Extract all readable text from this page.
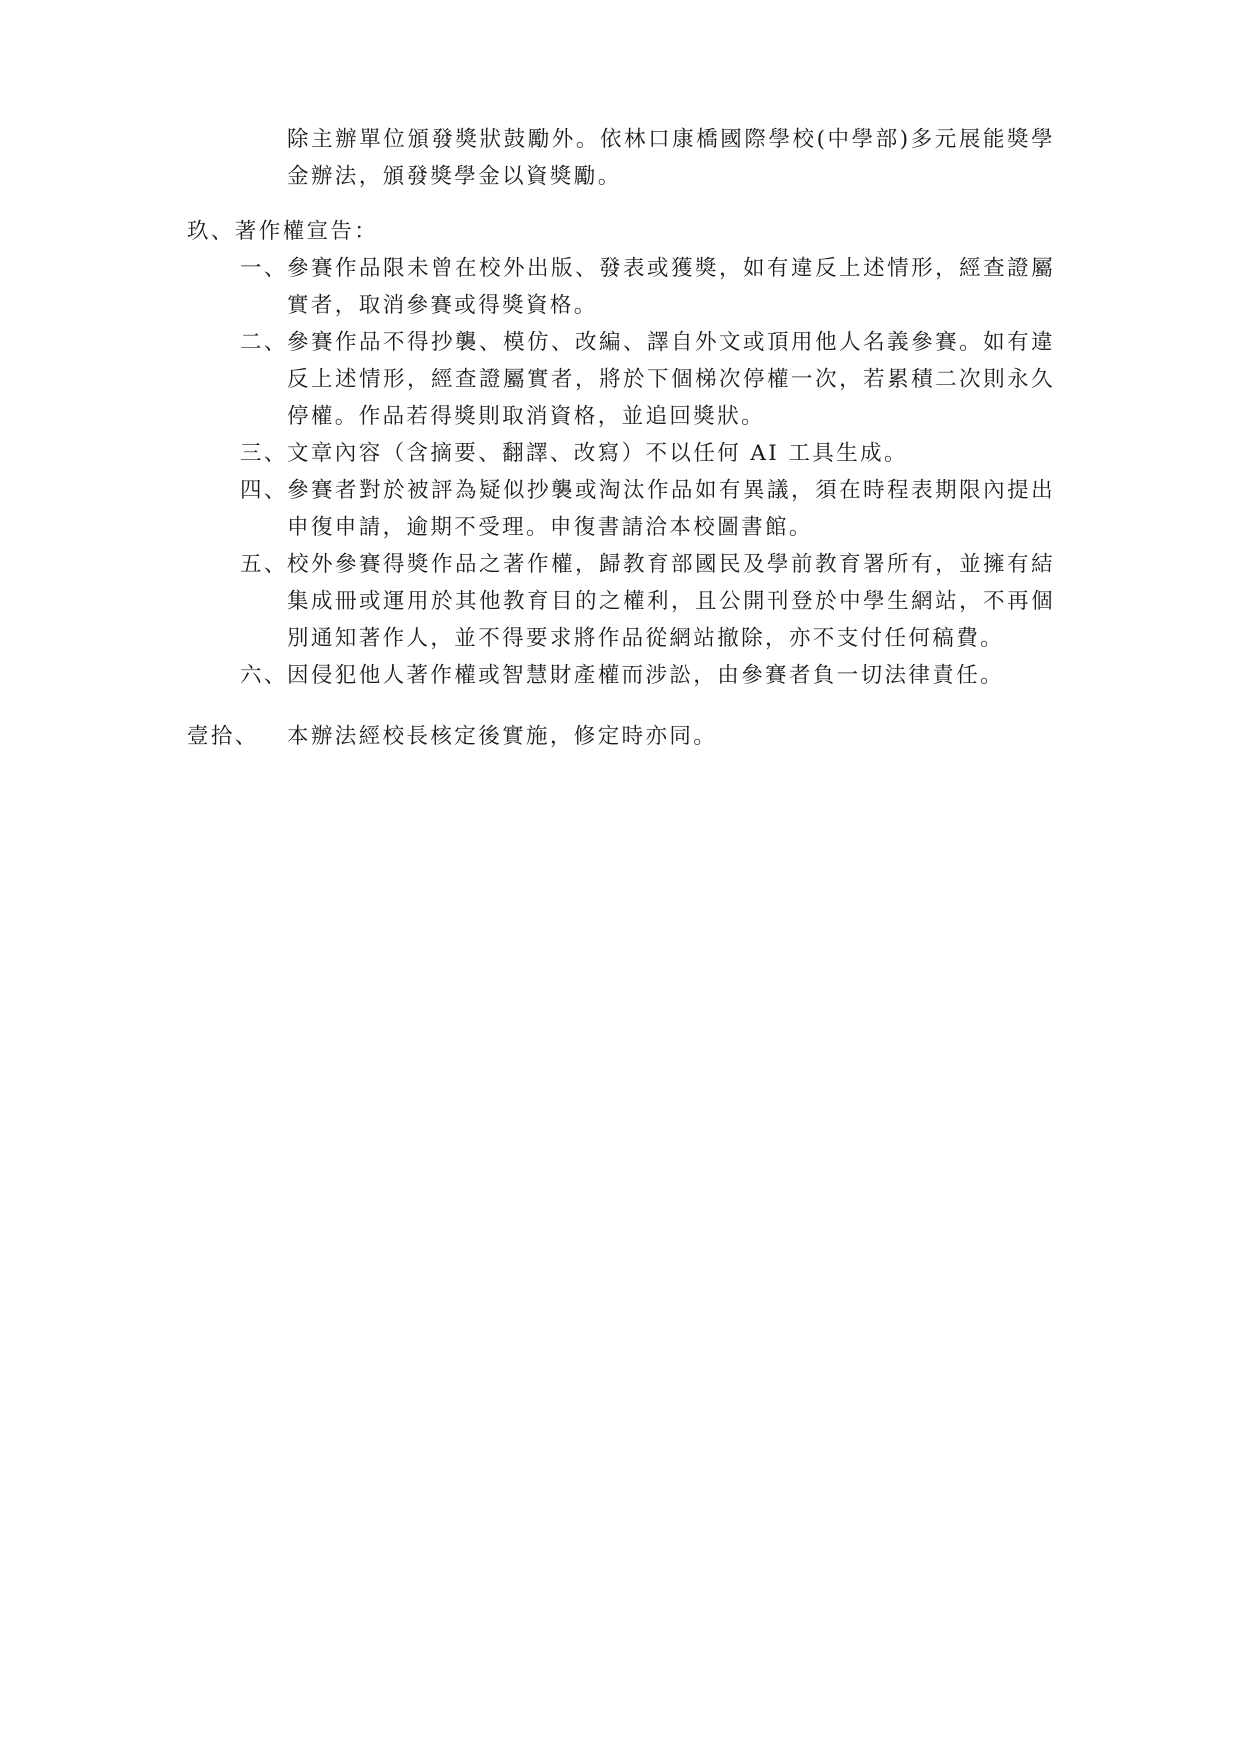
除主辦單位頒發獎狀鼓勵外。依林口康橋國際學校(中學部)多元展能獎學金辦法，頒發獎學金以資獎勵。
玖、著作權宣告：
一、 參賽作品限未曾在校外出版、發表或獲獎，如有違反上述情形，經查證屬實者，取消參賽或得獎資格。
二、 參賽作品不得抄襲、模仿、改編、譯自外文或頂用他人名義參賽。如有違反上述情形，經查證屬實者，將於下個梯次停權一次，若累積二次則永久停權。作品若得獎則取消資格，並追回獎狀。
三、 文章內容（含摘要、翻譯、改寫）不以任何 AI 工具生成。
四、 參賽者對於被評為疑似抄襲或淘汰作品如有異議，須在時程表期限內提出申復申請，逾期不受理。申復書請洽本校圖書館。
五、 校外參賽得獎作品之著作權，歸教育部國民及學前教育署所有，並擁有結集成冊或運用於其他教育目的之權利，且公開刊登於中學生網站，不再個別通知著作人，並不得要求將作品從網站撤除，亦不支付任何稿費。
六、 因侵犯他人著作權或智慧財產權而涉訟，由參賽者負一切法律責任。
壹拾、 本辦法經校長核定後實施，修定時亦同。
